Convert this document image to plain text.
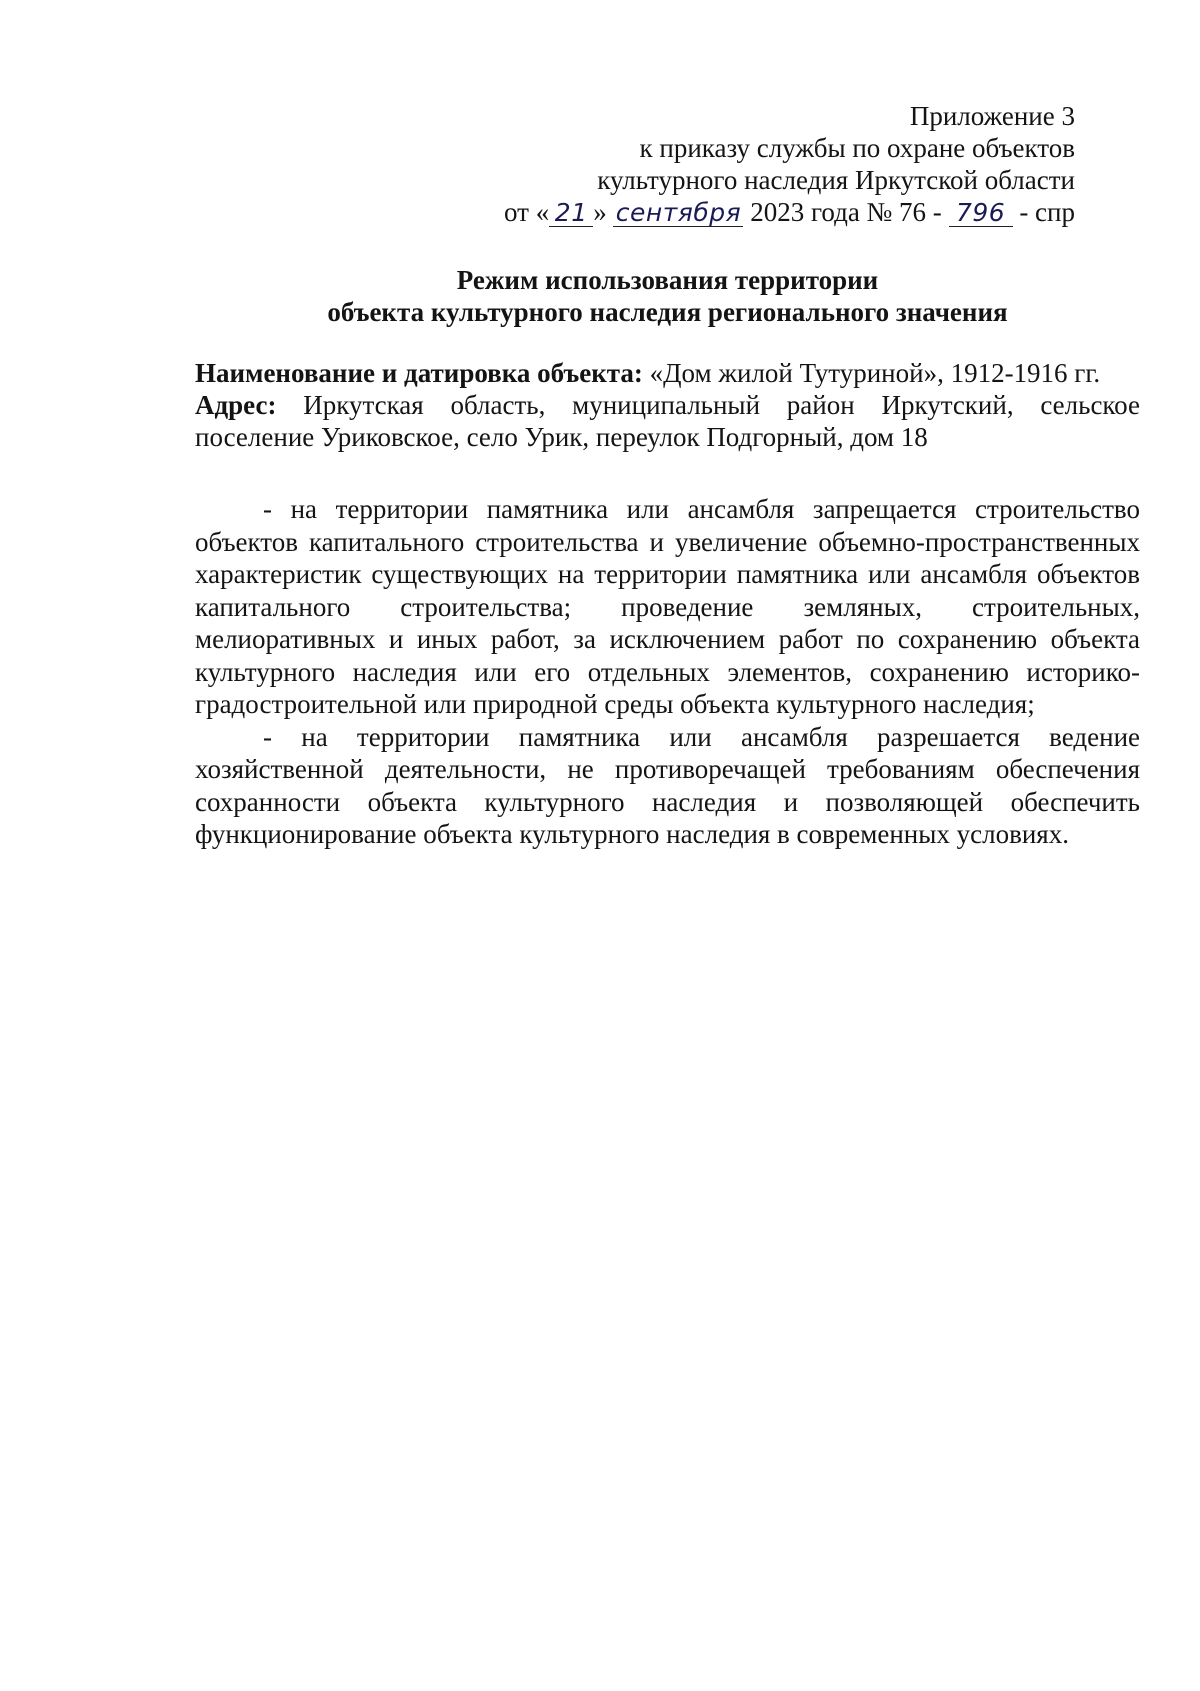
Приложение 3
к приказу службы по охране объектов
культурного наследия Иркутской области
от « 21 » сентября 2023 года № 76 - 796 - спр
Режим использования территории
объекта культурного наследия регионального значения

Наименование и датировка объекта: «Дом жилой Тутуриной», 1912-1916 гг.

Адрес: Иркутская область, муниципальный район Иркутский, сельское поселение Уриковское, село Урик, переулок Подгорный, дом 18

- на территории памятника или ансамбля запрещается строительство объектов капитального строительства и увеличение объемно-пространственных характеристик существующих на территории памятника или ансамбля объектов капитального строительства; проведение земляных, строительных, мелиоративных и иных работ, за исключением работ по сохранению объекта культурного наследия или его отдельных элементов, сохранению историко-градостроительной или природной среды объекта культурного наследия;

- на территории памятника или ансамбля разрешается ведение хозяйственной деятельности, не противоречащей требованиям обеспечения сохранности объекта культурного наследия и позволяющей обеспечить функционирование объекта культурного наследия в современных условиях.
